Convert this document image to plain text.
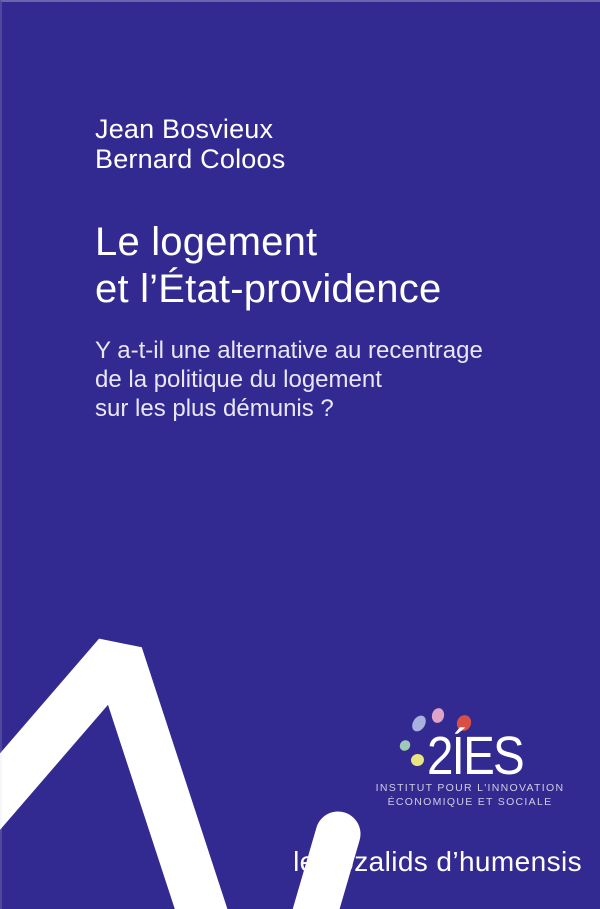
Jean Bosvieux
Bernard Coloos
Le logement
et l’État-providence
Y a-t-il une alternative au recentrage
de la politique du logement
sur les plus démunis ?
2ÍES
INSTITUT POUR L'INNOVATION
ÉCONOMIQUE ET SOCIALE
les ozalids d’humensis
